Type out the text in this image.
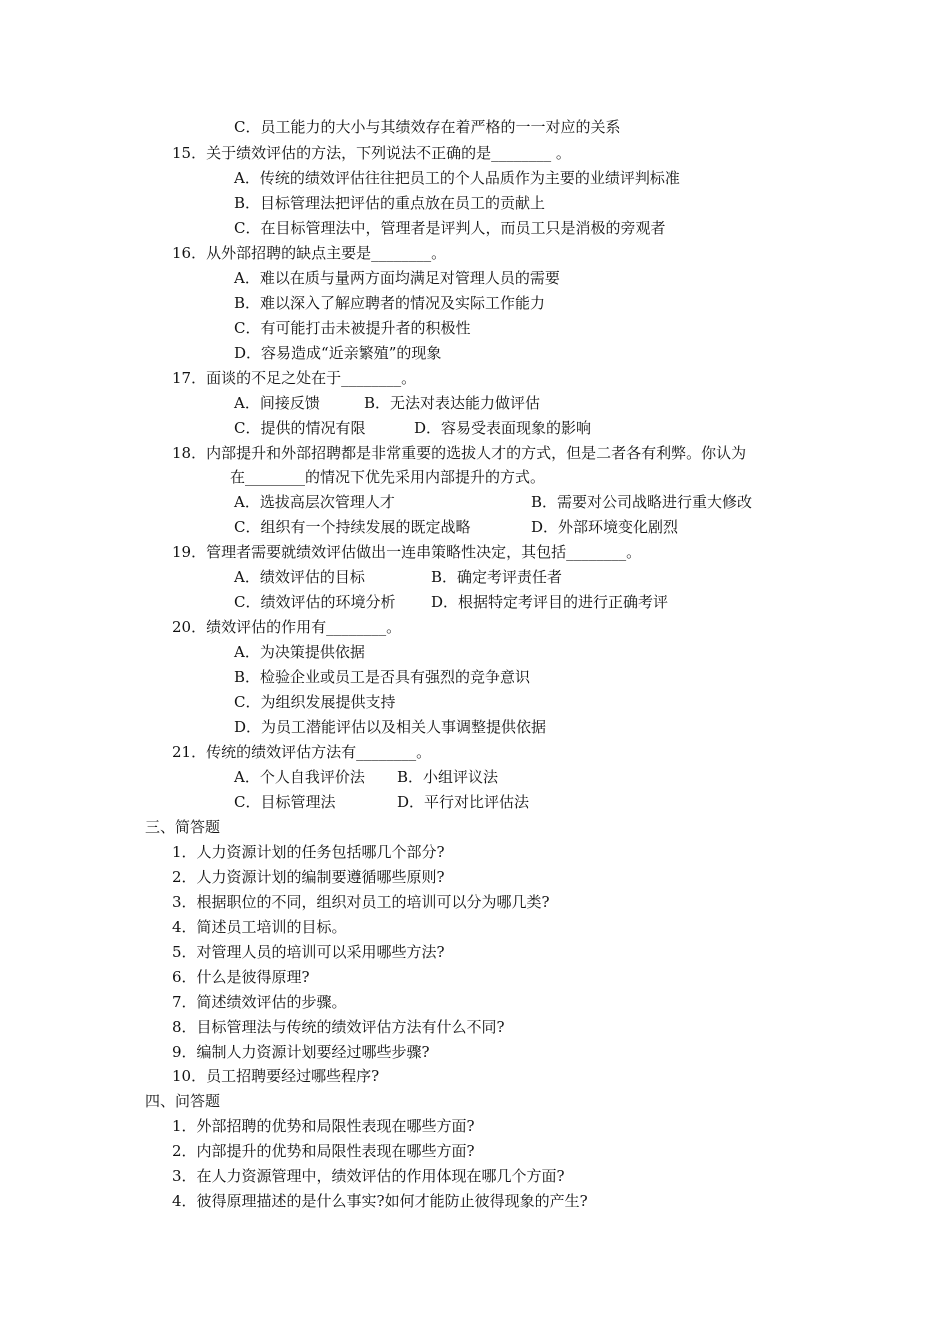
C．员工能力的大小与其绩效存在着严格的一一对应的关系
15．关于绩效评估的方法，下列说法不正确的是________ 。
A．传统的绩效评估往往把员工的个人品质作为主要的业绩评判标准
B．目标管理法把评估的重点放在员工的贡献上
C．在目标管理法中，管理者是评判人，而员工只是消极的旁观者
16．从外部招聘的缺点主要是________。
A．难以在质与量两方面均满足对管理人员的需要
B．难以深入了解应聘者的情况及实际工作能力
C．有可能打击未被提升者的积极性
D．容易造成“近亲繁殖”的现象
17．面谈的不足之处在于________。
A．间接反馈	B．无法对表达能力做评估
C．提供的情况有限	D．容易受表面现象的影响
18．内部提升和外部招聘都是非常重要的选拔人才的方式，但是二者各有利弊。你认为
在________的情况下优先采用内部提升的方式。
A．选拔高层次管理人才	B．需要对公司战略进行重大修改
C．组织有一个持续发展的既定战略	D．外部环境变化剧烈
19．管理者需要就绩效评估做出一连串策略性决定，其包括________。
A．绩效评估的目标	B．确定考评责任者
C．绩效评估的环境分析 D．根据特定考评目的进行正确考评
20．绩效评估的作用有________。
A．为决策提供依据
B．检验企业或员工是否具有强烈的竞争意识
C．为组织发展提供支持
D．为员工潜能评估以及相关人事调整提供依据
21．传统的绩效评估方法有________。
A．个人自我评价法 B．小组评议法
C．目标管理法	D．平行对比评估法
三、简答题
1．人力资源计划的任务包括哪几个部分?
2．人力资源计划的编制要遵循哪些原则?
3．根据职位的不同，组织对员工的培训可以分为哪几类?
4．简述员工培训的目标。
5．对管理人员的培训可以采用哪些方法?
6．什么是彼得原理?
7．简述绩效评估的步骤。
8．目标管理法与传统的绩效评估方法有什么不同?
9．编制人力资源计划要经过哪些步骤?
10．员工招聘要经过哪些程序?
四、问答题
1．外部招聘的优势和局限性表现在哪些方面?
2．内部提升的优势和局限性表现在哪些方面?
3．在人力资源管理中，绩效评估的作用体现在哪几个方面?
4．彼得原理描述的是什么事实?如何才能防止彼得现象的产生?
